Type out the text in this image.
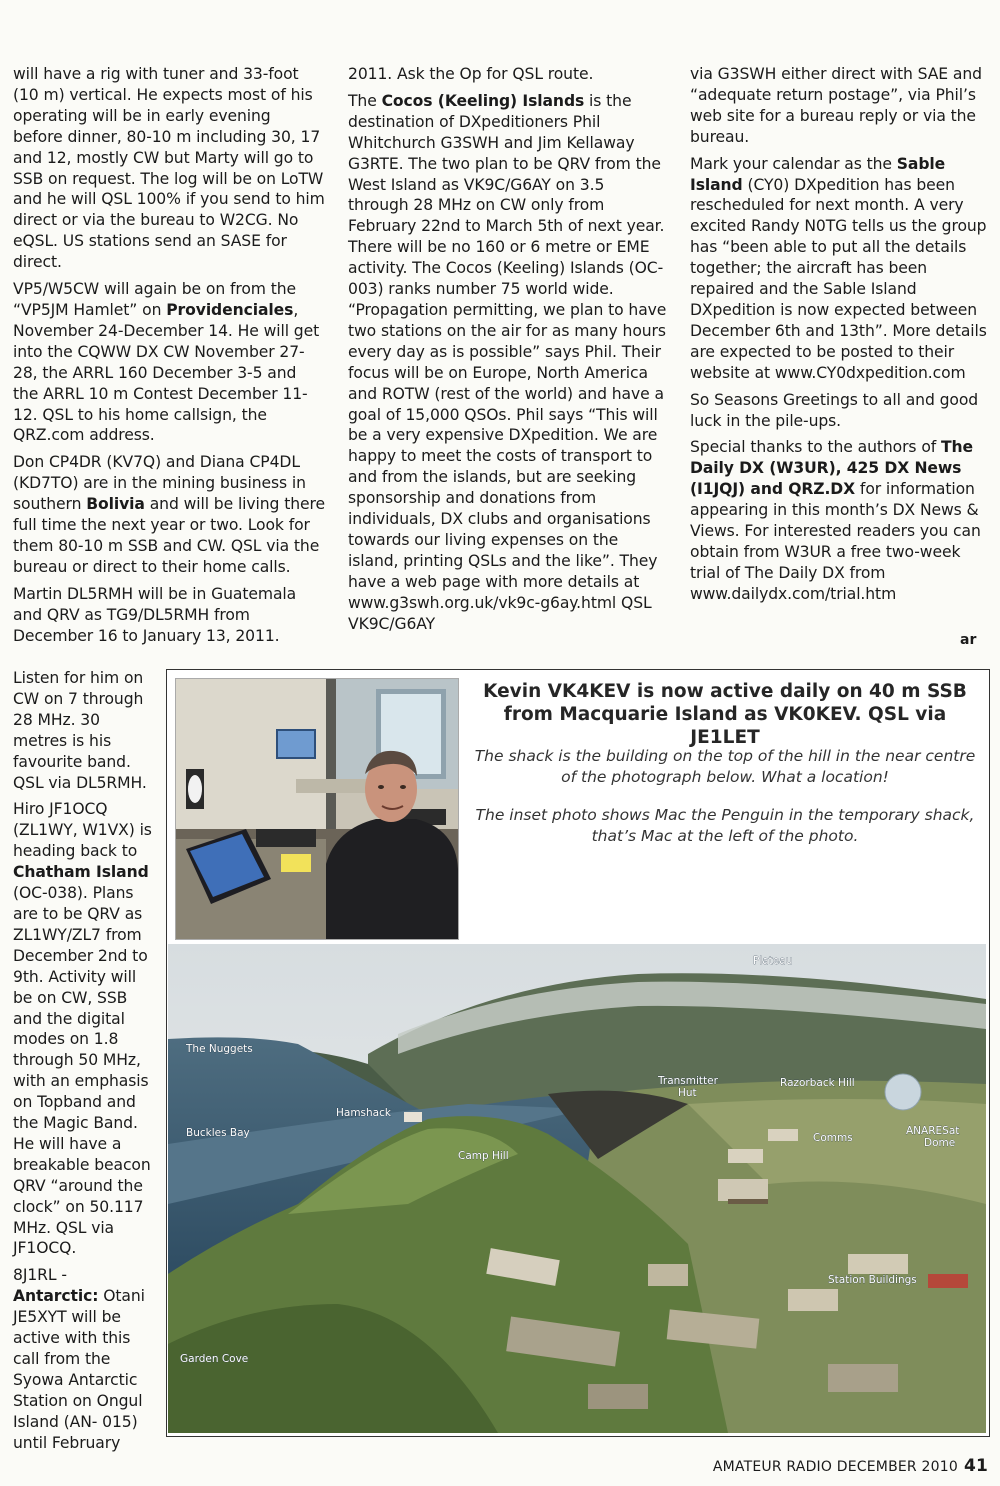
will have a rig with tuner and 33-foot (10 m) vertical. He expects most of his operating will be in early evening before dinner, 80-10 m including 30, 17 and 12, mostly CW but Marty will go to SSB on request. The log will be on LoTW and he will QSL 100% if you send to him direct or via the bureau to W2CG. No eQSL. US stations send an SASE for direct.

VP5/W5CW will again be on from the “VP5JM Hamlet” on Providenciales, November 24-December 14. He will get into the CQWW DX CW November 27-28, the ARRL 160 December 3-5 and the ARRL 10 m Contest December 11-12. QSL to his home callsign, the QRZ.com address.

Don CP4DR (KV7Q) and Diana CP4DL (KD7TO) are in the mining business in southern Bolivia and will be living there full time the next year or two. Look for them 80-10 m SSB and CW. QSL via the bureau or direct to their home calls.

Martin DL5RMH will be in Guatemala and QRV as TG9/DL5RMH from December 16 to January 13, 2011.

Listen for him on CW on 7 through 28 MHz. 30 metres is his favourite band. QSL via DL5RMH.

Hiro JF1OCQ (ZL1WY, W1VX) is heading back to Chatham Island (OC-038). Plans are to be QRV as ZL1WY/ZL7 from December 2nd to 9th. Activity will be on CW, SSB and the digital modes on 1.8 through 50 MHz, with an emphasis on Topband and the Magic Band. He will have a breakable beacon QRV “around the clock” on 50.117 MHz. QSL via JF1OCQ.

8J1RL - Antarctic: Otani JE5XYT will be active with this call from the Syowa Antarctic Station on Ongul Island (AN- 015) until February

2011. Ask the Op for QSL route.

The Cocos (Keeling) Islands is the destination of DXpeditioners Phil Whitchurch G3SWH and Jim Kellaway G3RTE. The two plan to be QRV from the West Island as VK9C/G6AY on 3.5 through 28 MHz on CW only from February 22nd to March 5th of next year. There will be no 160 or 6 metre or EME activity. The Cocos (Keeling) Islands (OC-003) ranks number 75 world wide. “Propagation permitting, we plan to have two stations on the air for as many hours every day as is possible” says Phil. Their focus will be on Europe, North America and ROTW (rest of the world) and have a goal of 15,000 QSOs. Phil says “This will be a very expensive DXpedition. We are happy to meet the costs of transport to and from the islands, but are seeking sponsorship and donations from individuals, DX clubs and organisations towards our living expenses on the island, printing QSLs and the like”. They have a web page with more details at www.g3swh.org.uk/vk9c-g6ay.html QSL VK9C/G6AY

via G3SWH either direct with SAE and “adequate return postage”, via Phil’s web site for a bureau reply or via the bureau.

Mark your calendar as the Sable Island (CY0) DXpedition has been rescheduled for next month. A very excited Randy N0TG tells us the group has “been able to put all the details together; the aircraft has been repaired and the Sable Island DXpedition is now expected between December 6th and 13th”. More details are expected to be posted to their website at www.CY0dxpedition.com

So Seasons Greetings to all and good luck in the pile-ups.

Special thanks to the authors of The Daily DX (W3UR), 425 DX News (I1JQJ) and QRZ.DX for information appearing in this month’s DX News & Views. For interested readers you can obtain from W3UR a free two-week trial of The Daily DX from www.dailydx.com/trial.htm

ar
Kevin VK4KEV is now active daily on 40 m SSB from Macquarie Island as VK0KEV. QSL via JE1LET
The shack is the building on the top of the hill in the near centre of the photograph below. What a location!
The inset photo shows Mac the Penguin in the temporary shack, that’s Mac at the left of the photo.
Plateau
The Nuggets
Transmitter
Hut
Razorback Hill
Hamshack
Buckles Bay
Camp Hill
Comms
ANARESat
Dome
Station Buildings
Garden Cove
AMATEUR RADIO DECEMBER 2010 41
